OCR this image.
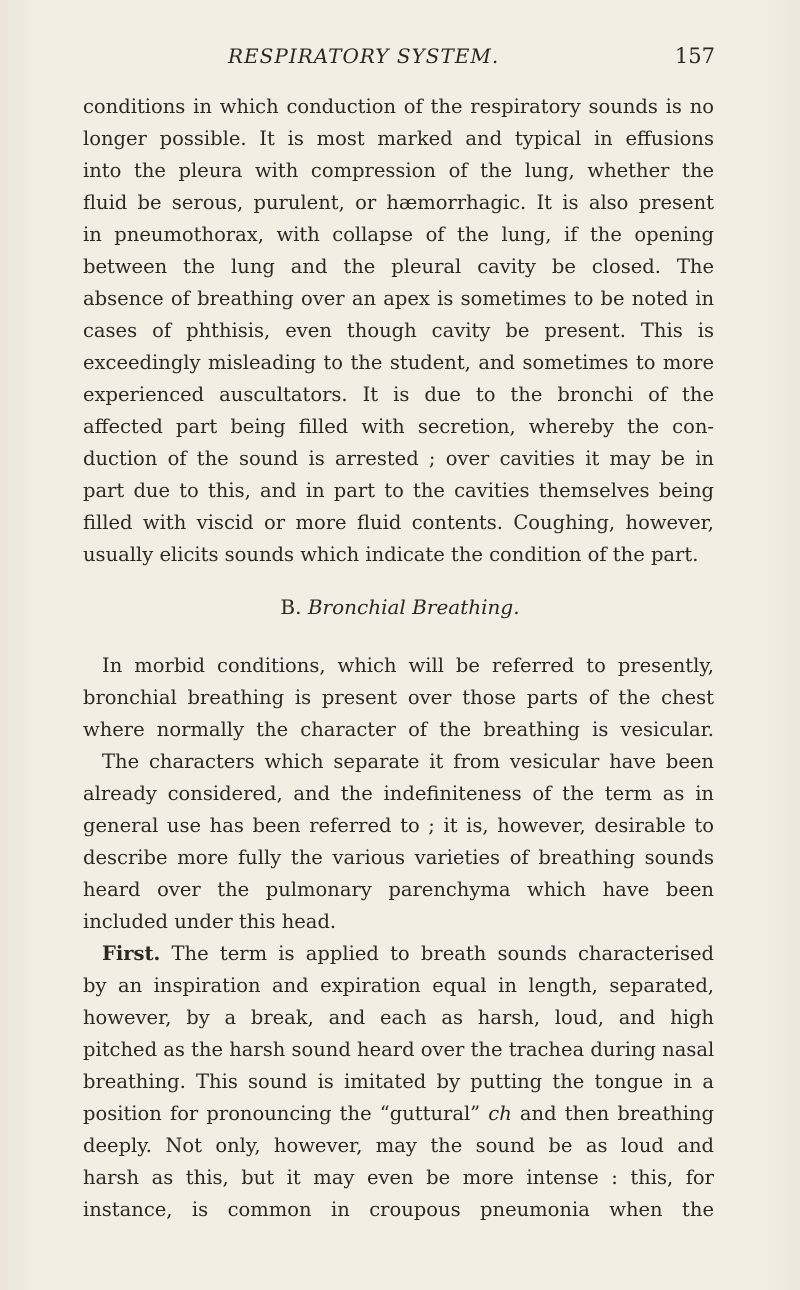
RESPIRATORY SYSTEM.	157
conditions in which conduction of the respiratory sounds is no
longer possible. It is most marked and typical in effusions
into the pleura with compression of the lung, whether the
fluid be serous, purulent, or hæmorrhagic. It is also present
in pneumothorax, with collapse of the lung, if the opening
between the lung and the pleural cavity be closed. The
absence of breathing over an apex is sometimes to be noted in
cases of phthisis, even though cavity be present. This is
exceedingly misleading to the student, and sometimes to more
experienced auscultators. It is due to the bronchi of the
affected part being filled with secretion, whereby the con-
duction of the sound is arrested ; over cavities it may be in
part due to this, and in part to the cavities themselves being
filled with viscid or more fluid contents. Coughing, however,
usually elicits sounds which indicate the condition of the part.
In morbid conditions, which will be referred to presently,
bronchial breathing is present over those parts of the chest
where normally the character of the breathing is vesicular.
The characters which separate it from vesicular have been
already considered, and the indefiniteness of the term as in
general use has been referred to ; it is, however, desirable to
describe more fully the various varieties of breathing sounds
heard over the pulmonary parenchyma which have been
included under this head.
First. The term is applied to breath sounds characterised
by an inspiration and expiration equal in length, separated,
however, by a break, and each as harsh, loud, and high
pitched as the harsh sound heard over the trachea during nasal
breathing. This sound is imitated by putting the tongue in a
position for pronouncing the “guttural” ch and then breathing
deeply. Not only, however, may the sound be as loud and
harsh as this, but it may even be more intense : this, for
instance, is common in croupous pneumonia when the
B. Bronchial Breathing.
